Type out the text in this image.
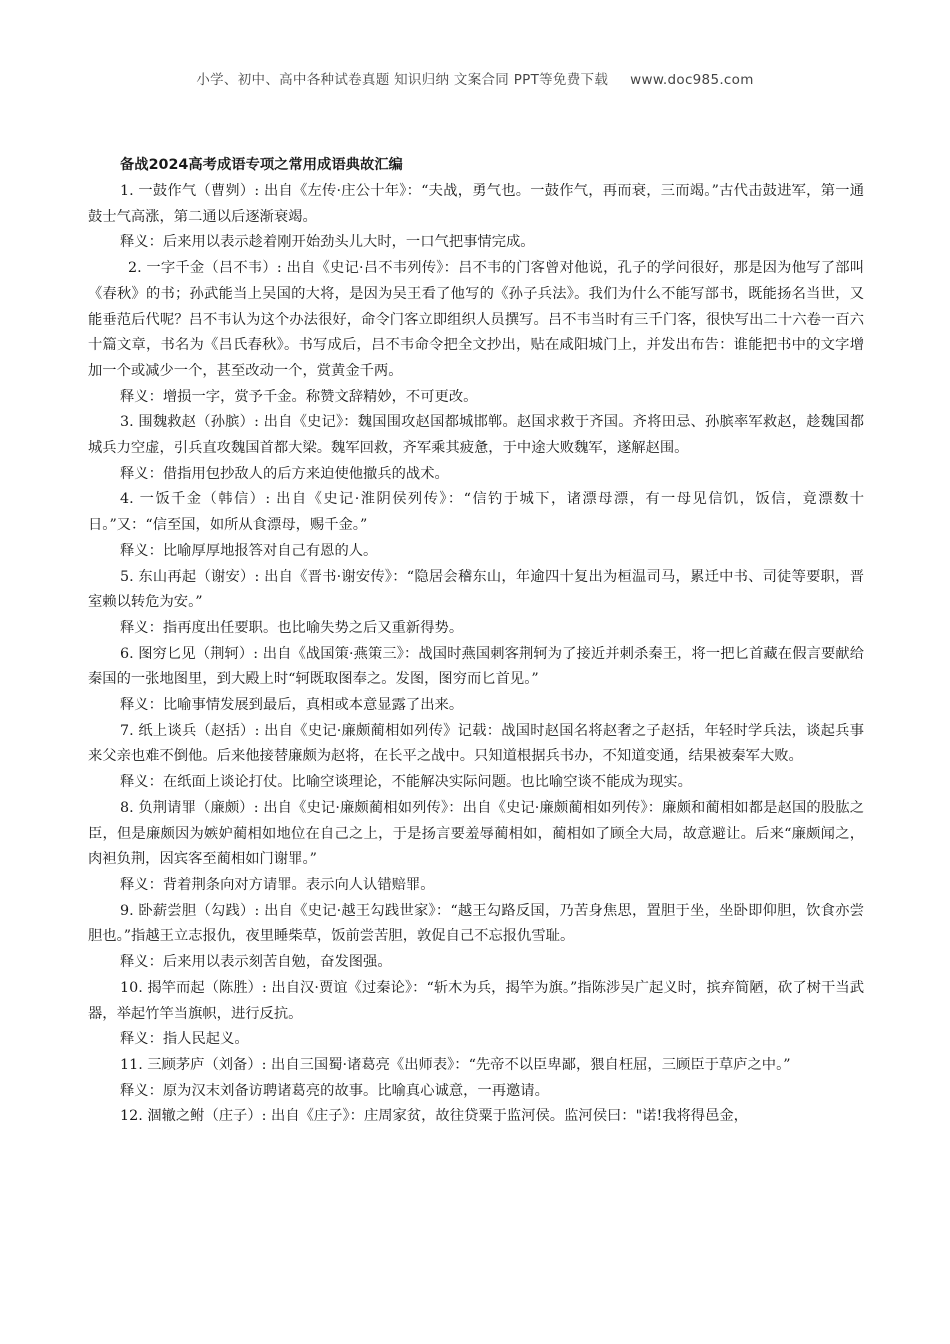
小学、初中、高中各种试卷真题 知识归纳 文案合同 PPT等免费下载 www.doc985.com
备战2024高考成语专项之常用成语典故汇编

1. 一鼓作气（曹刿）: 出自《左传·庄公十年》：“夫战，勇气也。一鼓作气，再而衰，三而竭。”古代击鼓进军，第一通鼓士气高涨，第二通以后逐渐衰竭。

释义：后来用以表示趁着刚开始劲头儿大时，一口气把事情完成。

2. 一字千金（吕不韦）: 出自《史记·吕不韦列传》：吕不韦的门客曾对他说，孔子的学问很好，那是因为他写了部叫《春秋》的书；孙武能当上吴国的大将，是因为吴王看了他写的《孙子兵法》。我们为什么不能写部书，既能扬名当世，又能垂范后代呢？吕不韦认为这个办法很好，命令门客立即组织人员撰写。吕不韦当时有三千门客，很快写出二十六卷一百六十篇文章，书名为《吕氏春秋》。书写成后，吕不韦命令把全文抄出，贴在咸阳城门上，并发出布告：谁能把书中的文字增加一个或减少一个，甚至改动一个，赏黄金千两。

释义：增损一字，赏予千金。称赞文辞精妙，不可更改。

3. 围魏救赵（孙膑）: 出自《史记》：魏国围攻赵国都城邯郸。赵国求救于齐国。齐将田忌、孙膑率军救赵，趁魏国都城兵力空虚，引兵直攻魏国首都大梁。魏军回救，齐军乘其疲惫，于中途大败魏军，遂解赵围。

释义：借指用包抄敌人的后方来迫使他撤兵的战术。

4. 一饭千金（韩信）: 出自《史记·淮阴侯列传》：“信钓于城下，诸漂母漂，有一母见信饥，饭信，竟漂数十日。”又：“信至国，如所从食漂母，赐千金。”

释义：比喻厚厚地报答对自己有恩的人。

5. 东山再起（谢安）: 出自《晋书·谢安传》：“隐居会稽东山，年逾四十复出为桓温司马，累迁中书、司徒等要职，晋室赖以转危为安。”

释义：指再度出任要职。也比喻失势之后又重新得势。

6. 图穷匕见（荆轲）: 出自《战国策·燕策三》：战国时燕国刺客荆轲为了接近并刺杀秦王，将一把匕首藏在假言要献给秦国的一张地图里，到大殿上时“轲既取图奉之。发图，图穷而匕首见。”

释义：比喻事情发展到最后，真相或本意显露了出来。

7. 纸上谈兵（赵括）: 出自《史记·廉颇蔺相如列传》记载：战国时赵国名将赵奢之子赵括，年轻时学兵法，谈起兵事来父亲也难不倒他。后来他接替廉颇为赵将，在长平之战中。只知道根据兵书办，不知道变通，结果被秦军大败。

释义：在纸面上谈论打仗。比喻空谈理论，不能解决实际问题。也比喻空谈不能成为现实。

8. 负荆请罪（廉颇）: 出自《史记·廉颇蔺相如列传》：出自《史记·廉颇蔺相如列传》：廉颇和蔺相如都是赵国的股肱之臣，但是廉颇因为嫉妒蔺相如地位在自己之上，于是扬言要羞辱蔺相如，蔺相如了顾全大局，故意避让。后来“廉颇闻之，肉袒负荆，因宾客至蔺相如门谢罪。”

释义：背着荆条向对方请罪。表示向人认错赔罪。

9. 卧薪尝胆（勾践）: 出自《史记·越王勾践世家》：“越王勾路反国，乃苦身焦思，置胆于坐，坐卧即仰胆，饮食亦尝胆也。”指越王立志报仇，夜里睡柴草，饭前尝苦胆，敦促自己不忘报仇雪耻。

释义：后来用以表示刻苦自勉，奋发图强。

10. 揭竿而起（陈胜）: 出自汉·贾谊《过秦论》：“斩木为兵，揭竿为旗。”指陈涉吴广起义时，摈弃简陋，砍了树干当武器，举起竹竿当旗帜，进行反抗。

释义：指人民起义。

11. 三顾茅庐（刘备）: 出自三国蜀·诸葛亮《出师表》：“先帝不以臣卑鄙，猥自枉屈，三顾臣于草庐之中。”

释义：原为汉末刘备访聘诸葛亮的故事。比喻真心诚意，一再邀请。

12. 涸辙之鲋（庄子）: 出自《庄子》：庄周家贫，故往贷粟于监河侯。监河侯曰："诺!我将得邑金，
